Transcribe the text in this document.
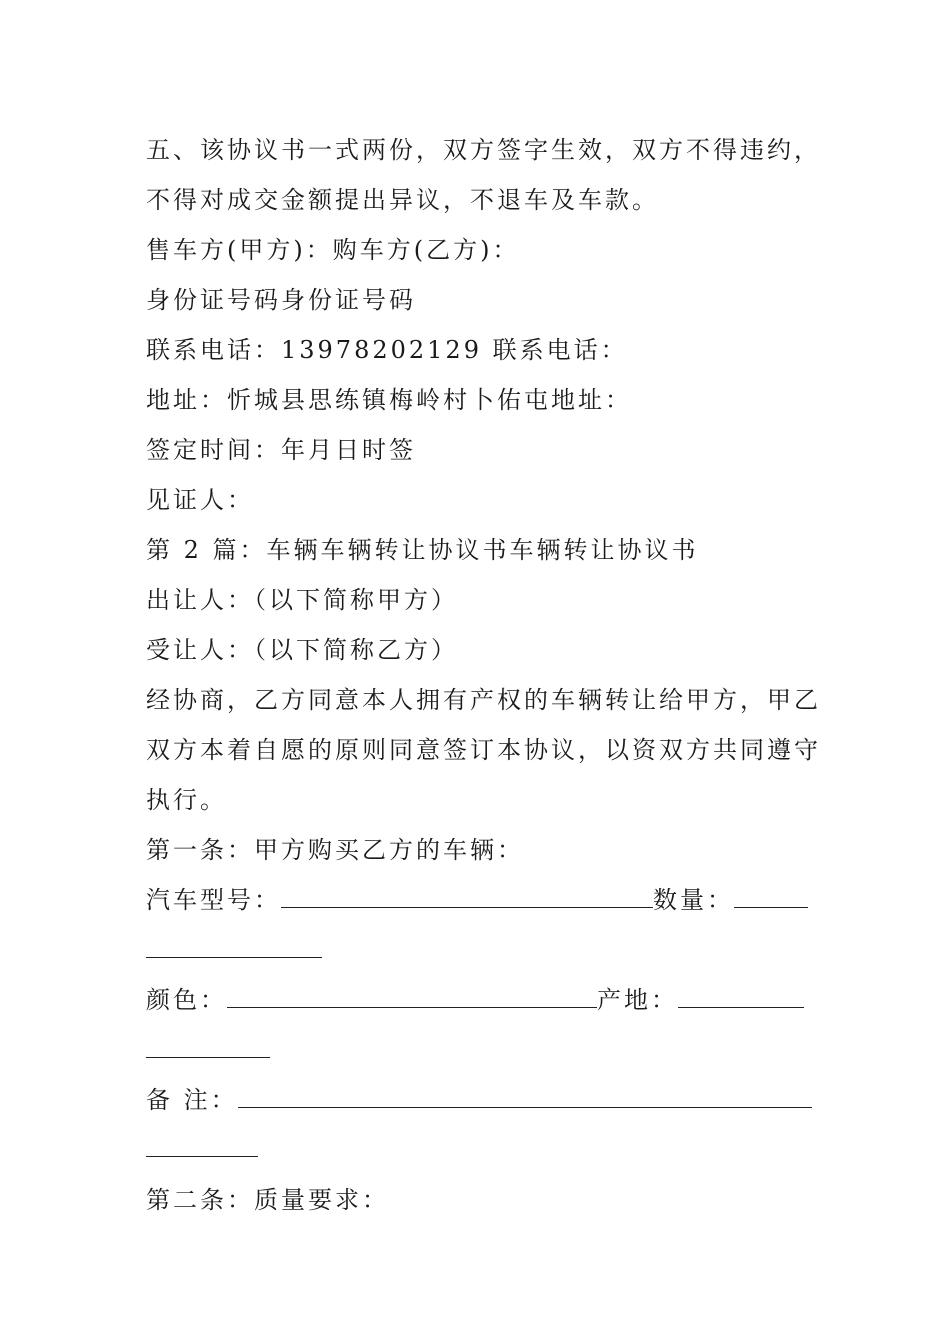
五、该协议书一式两份，双方签字生效，双方不得违约，
不得对成交金额提出异议，不退车及车款。
售车方(甲方)：购车方(乙方)：
身份证号码身份证号码
联系电话：13978202129 联系电话：
地址：忻城县思练镇梅岭村卜佑屯地址：
签定时间：年月日时签
见证人：
第 2 篇：车辆车辆转让协议书车辆转让协议书
出让人：（以下简称甲方）
受让人：（以下简称乙方）
经协商，乙方同意本人拥有产权的车辆转让给甲方，甲乙
双方本着自愿的原则同意签订本协议，以资双方共同遵守
执行。
第一条：甲方购买乙方的车辆：
汽车型号：	数量：
颜色：	产地：
备 注：
第二条：质量要求：
